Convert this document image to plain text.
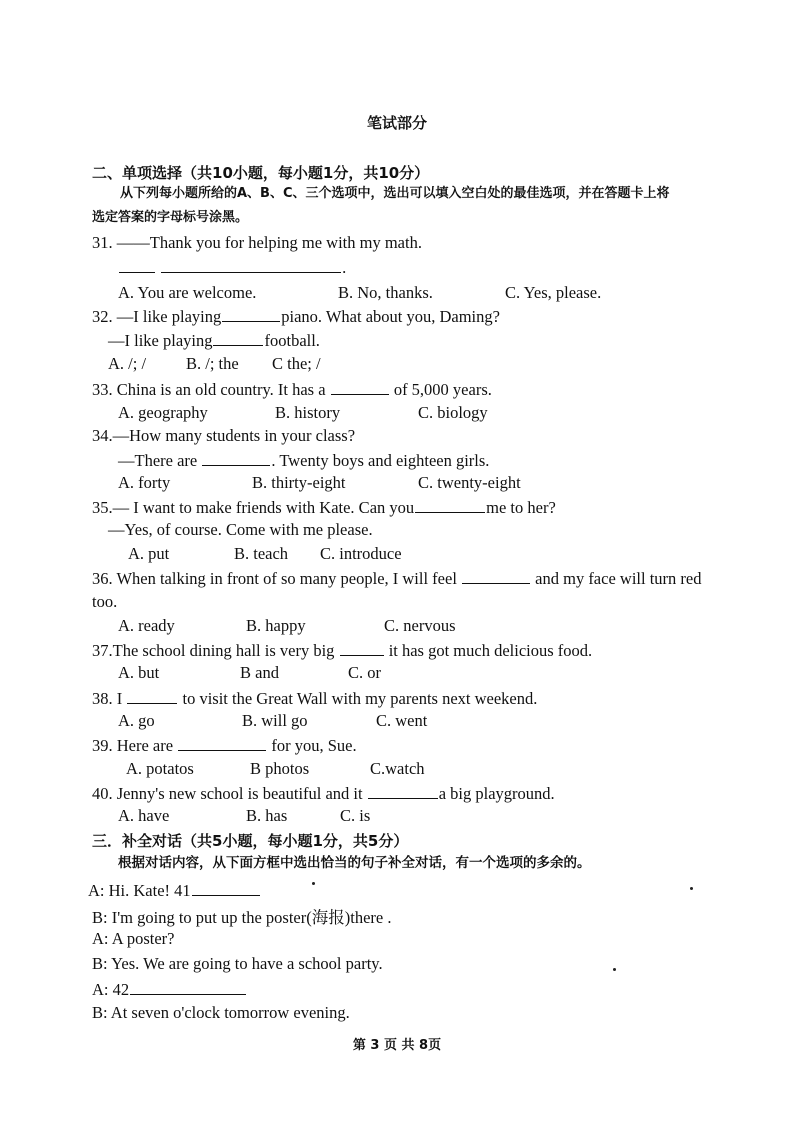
笔试部分
二、单项选择（共10小题，每小题1分，共10分）
从下列每小题所给的A、B、C、三个选项中，选出可以填入空白处的最佳选项，并在答题卡上将
选定答案的字母标号涂黑。
31. ——Thank you for helping me with my math.
.
A. You are welcome.	B. No, thanks.	C. Yes, please.
32. —I like playing	piano. What about you, Daming?
—I like playing	football.
A. /; / B. /; the C the; /
33. China is an old country. It has a	of 5,000 years.
A. geography	B. history	C. biology
34.—How many students in your class?
—There are	. Twenty boys and eighteen girls.
A. forty	B. thirty-eight	C. twenty-eight
35.— I want to make friends with Kate. Can you	me to her?
—Yes, of course. Come with me please.
A. put	B. teach C. introduce
36. When talking in front of so many people, I will feel	and my face will turn red
too.
A. ready	B. happy	C. nervous
37.The school dining hall is very big	it has got much delicious food.
A. but	B and	C. or
38. I	to visit the Great Wall with my parents next weekend.
A. go	B. will go	C. went
39. Here are	for you, Sue.
A. potatos	B photos	C.watch
40. Jenny's new school is beautiful and it	a big playground.
A. have	B. has	C. is
三．补全对话（共5小题，每小题1分，共5分）
根据对话内容，从下面方框中选出恰当的句子补全对话，有一个选项的多余的。
A: Hi. Kate! 41
B: I'm going to put up the poster(海报)there .
A: A poster?
B: Yes. We are going to have a school party.
A: 42
B: At seven o'clock tomorrow evening.
第 3 页 共 8页
